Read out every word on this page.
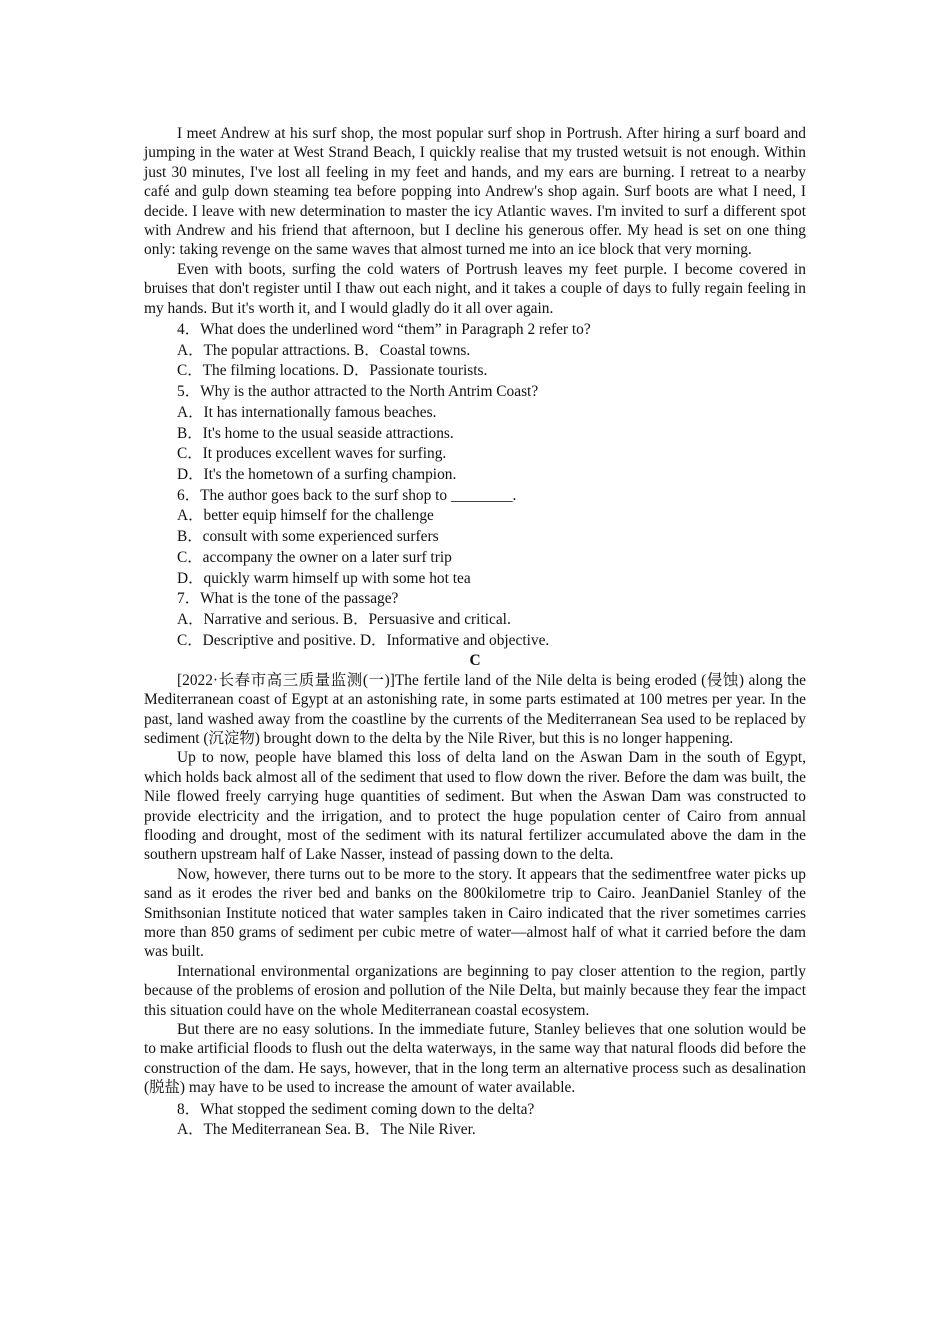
I meet Andrew at his surf shop, the most popular surf shop in Portrush. After hiring a surf board and jumping in the water at West Strand Beach, I quickly realise that my trusted wetsuit is not enough. Within just 30 minutes, I've lost all feeling in my feet and hands, and my ears are burning. I retreat to a nearby café and gulp down steaming tea before popping into Andrew's shop again. Surf boots are what I need, I decide. I leave with new determination to master the icy Atlantic waves. I'm invited to surf a different spot with Andrew and his friend that afternoon, but I decline his generous offer. My head is set on one thing only: taking revenge on the same waves that almost turned me into an ice block that very morning.

Even with boots, surfing the cold waters of Portrush leaves my feet purple. I become covered in bruises that don't register until I thaw out each night, and it takes a couple of days to fully regain feeling in my hands. But it's worth it, and I would gladly do it all over again.

4．What does the underlined word “them” in Paragraph 2 refer to?
A．The popular attractions. B．Coastal towns.
C．The filming locations. D．Passionate tourists.
5．Why is the author attracted to the North Antrim Coast?
A．It has internationally famous beaches.
B．It's home to the usual seaside attractions.
C．It produces excellent waves for surfing.
D．It's the hometown of a surfing champion.
6．The author goes back to the surf shop to ________.
A．better equip himself for the challenge
B．consult with some experienced surfers
C．accompany the owner on a later surf trip
D．quickly warm himself up with some hot tea
7．What is the tone of the passage?
A．Narrative and serious. B．Persuasive and critical.
C．Descriptive and positive. D．Informative and objective.

C

[2022·长春市高三质量监测(一)]The fertile land of the Nile delta is being eroded (侵蚀) along the Mediterranean coast of Egypt at an astonishing rate, in some parts estimated at 100 metres per year. In the past, land washed away from the coastline by the currents of the Mediterranean Sea used to be replaced by sediment (沉淀物) brought down to the delta by the Nile River, but this is no longer happening.

Up to now, people have blamed this loss of delta land on the Aswan Dam in the south of Egypt, which holds back almost all of the sediment that used to flow down the river. Before the dam was built, the Nile flowed freely carrying huge quantities of sediment. But when the Aswan Dam was constructed to provide electricity and the irrigation, and to protect the huge population center of Cairo from annual flooding and drought, most of the sediment with its natural fertilizer accumulated above the dam in the southern upstream half of Lake Nasser, instead of passing down to the delta.

Now, however, there turns out to be more to the story. It appears that the sedimentfree water picks up sand as it erodes the river bed and banks on the 800kilometre trip to Cairo. JeanDaniel Stanley of the Smithsonian Institute noticed that water samples taken in Cairo indicated that the river sometimes carries more than 850 grams of sediment per cubic metre of water—almost half of what it carried before the dam was built.

International environmental organizations are beginning to pay closer attention to the region, partly because of the problems of erosion and pollution of the Nile Delta, but mainly because they fear the impact this situation could have on the whole Mediterranean coastal ecosystem.

But there are no easy solutions. In the immediate future, Stanley believes that one solution would be to make artificial floods to flush out the delta waterways, in the same way that natural floods did before the construction of the dam. He says, however, that in the long term an alternative process such as desalination (脱盐) may have to be used to increase the amount of water available.

8．What stopped the sediment coming down to the delta?
A．The Mediterranean Sea. B．The Nile River.
